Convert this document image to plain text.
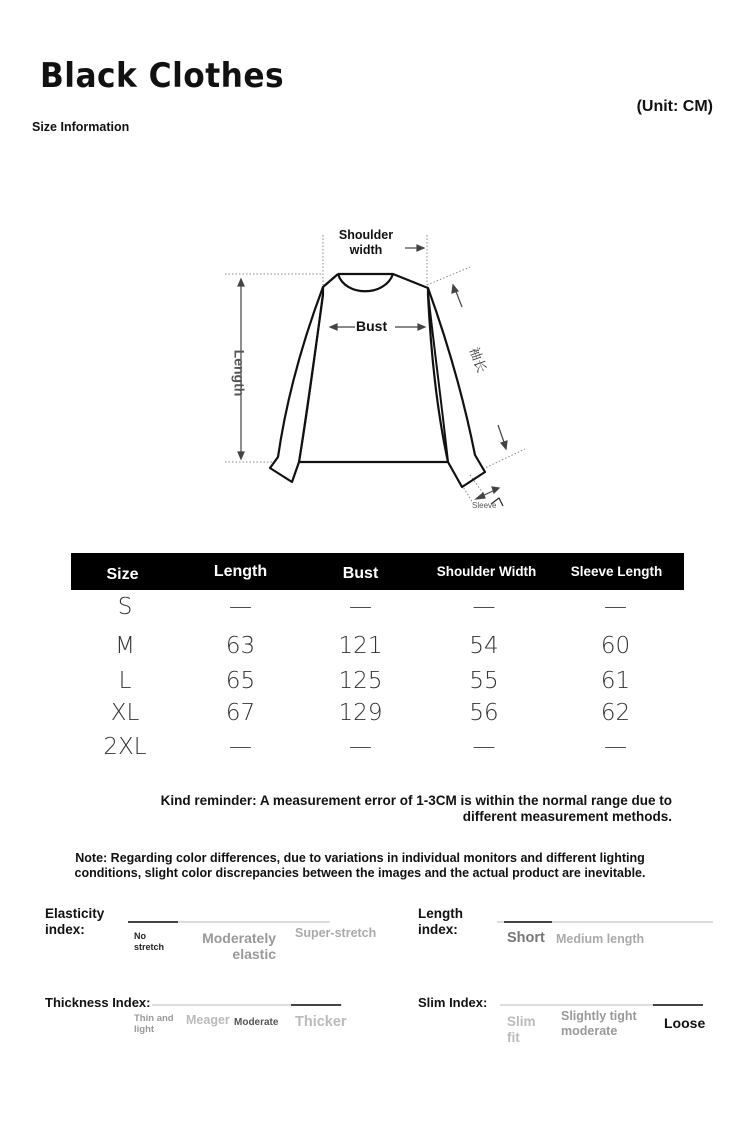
Black Clothes
Size Information
(Unit: CM)
Shoulder
width
Bust
Length	袖长
Sleeve
Size	Length	Bust	Shoulder Width	Sleeve Length
S	—	—	—	—
M	63	121	54	60
L	65	125	55	61
XL	67	129	56	62
2XL	—	—	—	—
Kind reminder: A measurement error of 1-3CM is within the normal range due to
different measurement methods.
Note: Regarding color differences, due to variations in individual monitors and different lighting
conditions, slight color discrepancies between the images and the actual product are inevitable.
Elasticity
index:	No
stretch
Moderately
elastic
Super-stretch
Length
index:
Short Medium length
Thickness Index:
Thin and
light
Meager Moderate Thicker
Slim Index:
Slim
fit
Slightly tight
moderate	Loose
